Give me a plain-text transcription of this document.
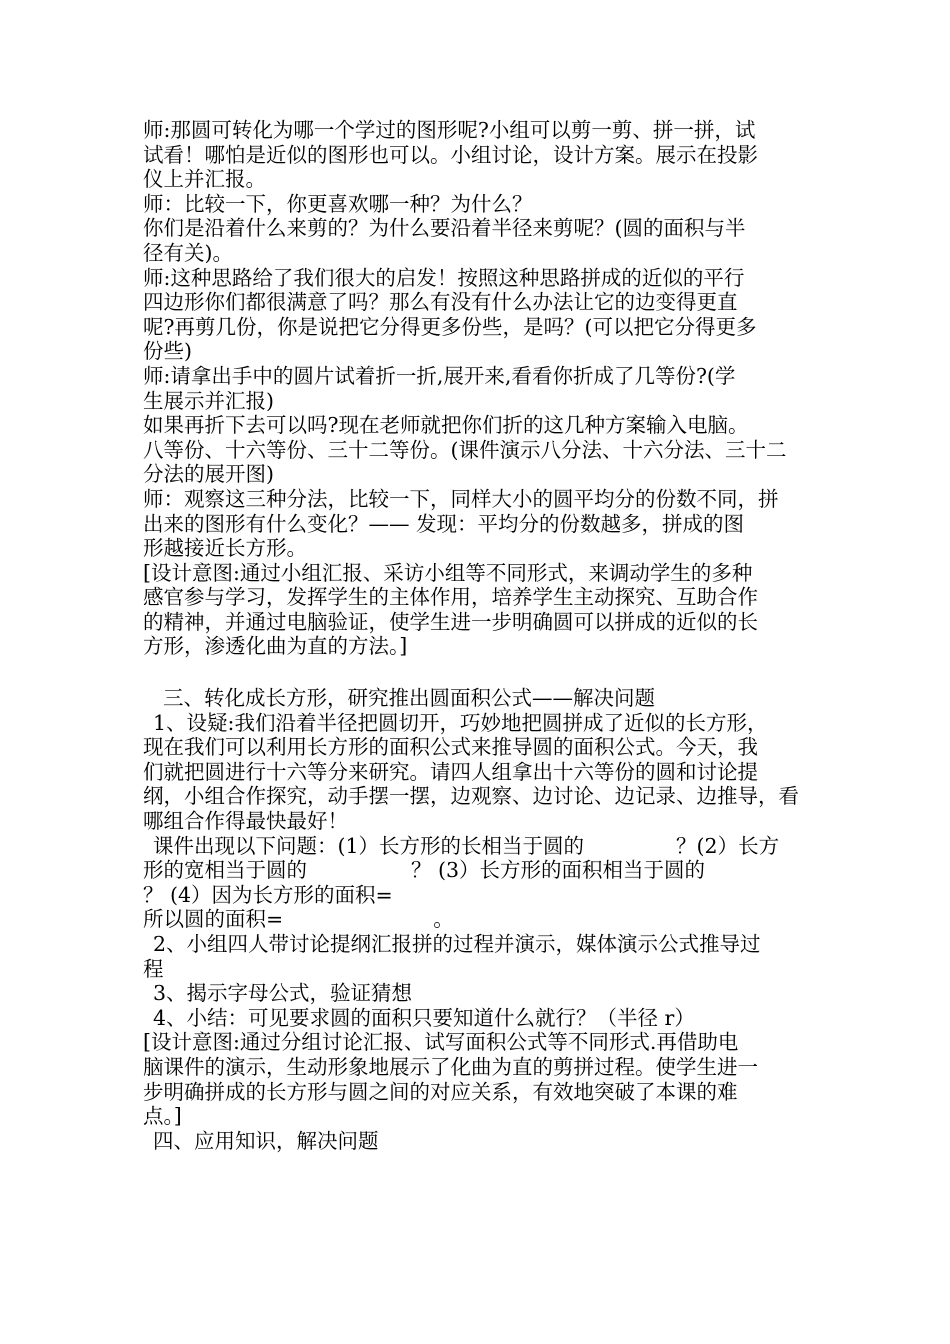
师:那圆可转化为哪一个学过的图形呢?小组可以剪一剪、拼一拼，试
试看！哪怕是近似的图形也可以。小组讨论，设计方案。展示在投影
仪上并汇报。
师：比较一下，你更喜欢哪一种？为什么？
你们是沿着什么来剪的？为什么要沿着半径来剪呢？(圆的面积与半
径有关)。
师:这种思路给了我们很大的启发！按照这种思路拼成的近似的平行
四边形你们都很满意了吗？那么有没有什么办法让它的边变得更直
呢?再剪几份，你是说把它分得更多份些，是吗？(可以把它分得更多
份些)
师:请拿出手中的圆片试着折一折,展开来,看看你折成了几等份?(学
生展示并汇报)
如果再折下去可以吗?现在老师就把你们折的这几种方案输入电脑。
八等份、十六等份、三十二等份。(课件演示八分法、十六分法、三十二
分法的展开图)
师：观察这三种分法，比较一下，同样大小的圆平均分的份数不同，拼
出来的图形有什么变化？—— 发现：平均分的份数越多，拼成的图
形越接近长方形。
[设计意图:通过小组汇报、采访小组等不同形式，来调动学生的多种
感官参与学习，发挥学生的主体作用，培养学生主动探究、互助合作
的精神，并通过电脑验证，使学生进一步明确圆可以拼成的近似的长
方形，渗透化曲为直的方法。]
三、转化成长方形，研究推出圆面积公式——解决问题
1、设疑:我们沿着半径把圆切开，巧妙地把圆拼成了近似的长方形，
现在我们可以利用长方形的面积公式来推导圆的面积公式。今天，我
们就把圆进行十六等分来研究。请四人组拿出十六等份的圆和讨论提
纲，小组合作探究，动手摆一摆，边观察、边讨论、边记录、边推导，看
哪组合作得最快最好！
课件出现以下问题：(1）长方形的长相当于圆的	？(2）长方
形的宽相当于圆的	？ (3）长方形的面积相当于圆的
？ (4）因为长方形的面积=
所以圆的面积=	。
2、小组四人带讨论提纲汇报拼的过程并演示，媒体演示公式推导过
程
3、揭示字母公式，验证猜想
4、小结：可见要求圆的面积只要知道什么就行？（半径 r）
[设计意图:通过分组讨论汇报、试写面积公式等不同形式.再借助电
脑课件的演示，生动形象地展示了化曲为直的剪拼过程。使学生进一
步明确拼成的长方形与圆之间的对应关系，有效地突破了本课的难
点。]
四、应用知识，解决问题
